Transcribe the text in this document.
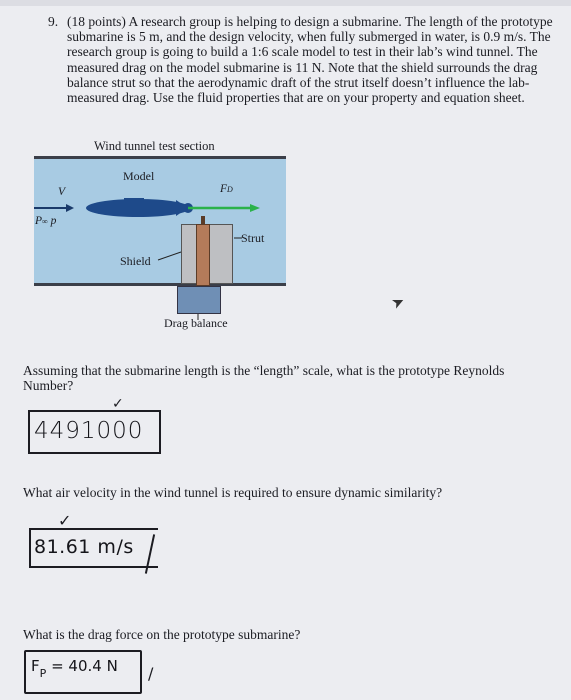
9. (18 points) A research group is helping to design a submarine. The length of the prototype submarine is 5 m, and the design velocity, when fully submerged in water, is 0.9 m/s. The research group is going to build a 1:6 scale model to test in their lab’s wind tunnel. The measured drag on the model submarine is 11 N. Note that the shield surrounds the drag balance strut so that the aerodynamic draft of the strut itself doesn’t influence the lab-measured drag. Use the fluid properties that are on your property and equation sheet.

Wind tunnel test section
Model
V
P∞ p
FD
Strut
Shield
Drag balance
➤
Assuming that the submarine length is the “length” scale, what is the prototype Reynolds Number?
✓
4491000
What air velocity in the wind tunnel is required to ensure dynamic similarity?
✓
81.61 m/s
What is the drag force on the prototype submarine?
$F_P = 40.4$ N /
